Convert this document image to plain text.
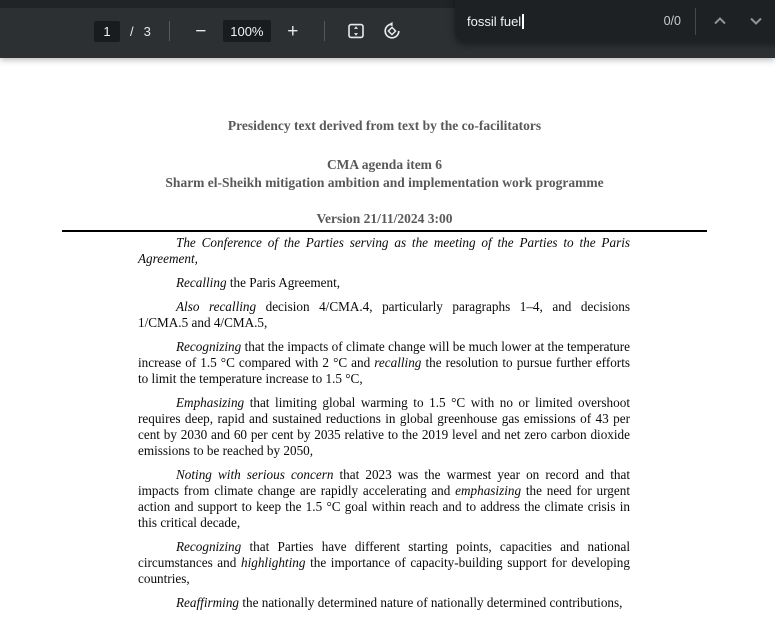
1
/ 3 −	100%	+	fossil fuel	0/0
Presidency text derived from text by the co-facilitators
CMA agenda item 6
Sharm el-Sheikh mitigation ambition and implementation work programme
Version 21/11/2024 3:00

The Conference of the Parties serving as the meeting of the Parties to the Paris Agreement,

Recalling the Paris Agreement,

Also recalling decision 4/CMA.4, particularly paragraphs 1–4, and decisions 1/CMA.5 and 4/CMA.5,

Recognizing that the impacts of climate change will be much lower at the temperature increase of 1.5 °C compared with 2 °C and recalling the resolution to pursue further efforts to limit the temperature increase to 1.5 °C,

Emphasizing that limiting global warming to 1.5 °C with no or limited overshoot requires deep, rapid and sustained reductions in global greenhouse gas emissions of 43 per cent by 2030 and 60 per cent by 2035 relative to the 2019 level and net zero carbon dioxide emissions to be reached by 2050,

Noting with serious concern that 2023 was the warmest year on record and that impacts from climate change are rapidly accelerating and emphasizing the need for urgent action and support to keep the 1.5 °C goal within reach and to address the climate crisis in this critical decade,

Recognizing that Parties have different starting points, capacities and national circumstances and highlighting the importance of capacity-building support for developing countries,

Reaffirming the nationally determined nature of nationally determined contributions,
